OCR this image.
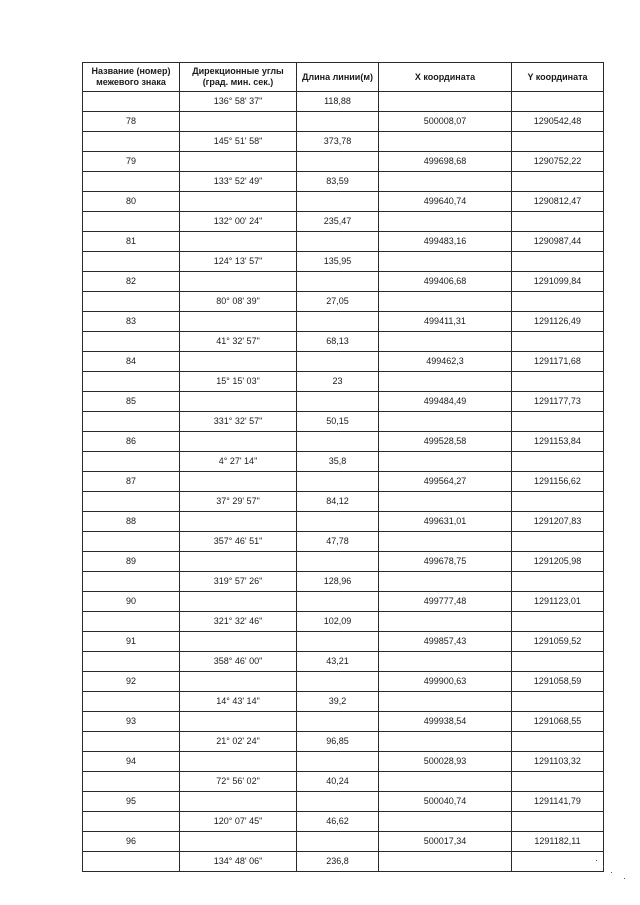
Название (номер) межевого знака	Дирекционные углы (град. мин. сек.)	Длина линии(м)	X координата	Y координата
	136° 58' 37"	118,88		
78			500008,07	1290542,48
	145° 51' 58"	373,78		
79			499698,68	1290752,22
	133° 52' 49"	83,59		
80			499640,74	1290812,47
	132° 00' 24"	235,47		
81			499483,16	1290987,44
	124° 13' 57"	135,95		
82			499406,68	1291099,84
	80° 08' 39"	27,05		
83			499411,31	1291126,49
	41° 32' 57"	68,13		
84			499462,3	1291171,68
	15° 15' 03"	23		
85			499484,49	1291177,73
	331° 32' 57"	50,15		
86			499528,58	1291153,84
	4° 27' 14"	35,8		
87			499564,27	1291156,62
	37° 29' 57"	84,12		
88			499631,01	1291207,83
	357° 46' 51"	47,78		
89			499678,75	1291205,98
	319° 57' 26"	128,96		
90			499777,48	1291123,01
	321° 32' 46"	102,09		
91			499857,43	1291059,52
	358° 46' 00"	43,21		
92			499900,63	1291058,59
	14° 43' 14"	39,2		
93			499938,54	1291068,55
	21° 02' 24"	96,85		
94			500028,93	1291103,32
	72° 56' 02"	40,24		
95			500040,74	1291141,79
	120° 07' 45"	46,62		
96			500017,34	1291182,11
	134° 48' 06"	236,8		
